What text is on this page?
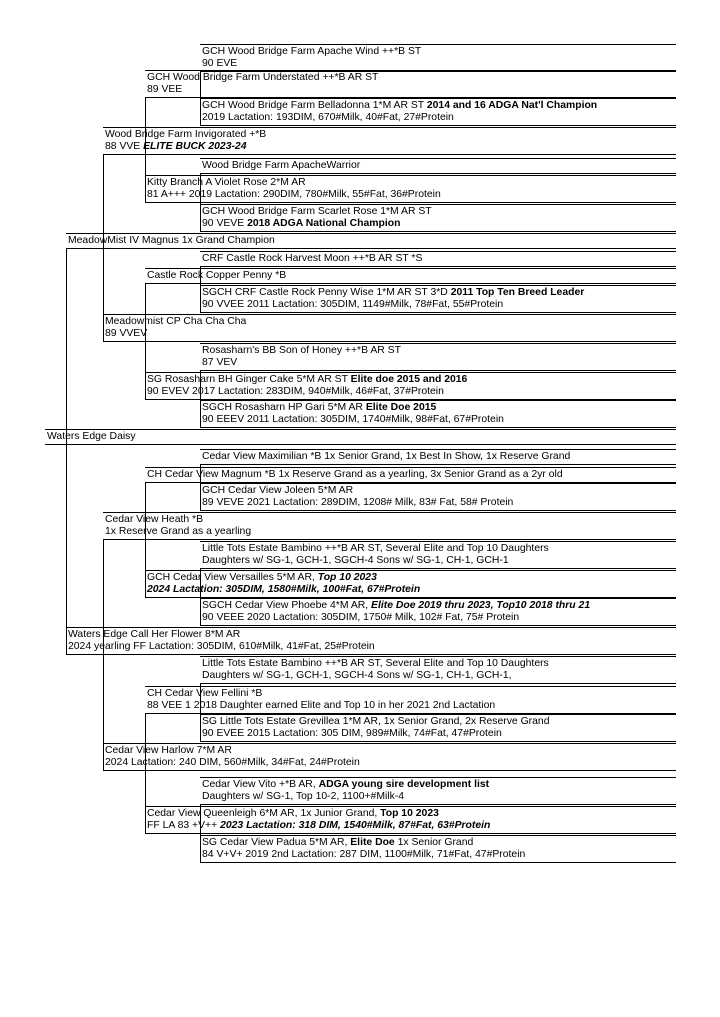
GCH Wood Bridge Farm Apache Wind ++*B ST
90 EVE
GCH Wood Bridge Farm Understated ++*B AR ST
89 VEE
GCH Wood Bridge Farm Belladonna 1*M AR ST 2014 and 16 ADGA Nat'l Champion
2019 Lactation: 193DIM, 670#Milk, 40#Fat, 27#Protein
Wood Bridge Farm Invigorated +*B
88 VVE ELITE BUCK 2023-24
Wood Bridge Farm ApacheWarrior
Kitty Branch A Violet Rose 2*M AR
81 A+++ 2019 Lactation: 290DIM, 780#Milk, 55#Fat, 36#Protein
GCH Wood Bridge Farm Scarlet Rose 1*M AR ST
90 VEVE 2018 ADGA National Champion
MeadowMist IV Magnus 1x Grand Champion
CRF Castle Rock Harvest Moon ++*B AR ST *S
Castle Rock Copper Penny *B
SGCH CRF Castle Rock Penny Wise 1*M AR ST 3*D 2011 Top Ten Breed Leader
90 VVEE 2011 Lactation: 305DIM, 1149#Milk, 78#Fat, 55#Protein
Meadowmist CP Cha Cha Cha
89 VVEV
Rosasharn's BB Son of Honey ++*B AR ST
87 VEV
SG Rosasharn BH Ginger Cake 5*M AR ST Elite doe 2015 and 2016
90 EVEV 2017 Lactation: 283DIM, 940#Milk, 46#Fat, 37#Protein
SGCH Rosasharn HP Gari 5*M AR Elite Doe 2015
90 EEEV 2011 Lactation: 305DIM, 1740#Milk, 98#Fat, 67#Protein
Waters Edge Daisy
Cedar View Maximilian *B 1x Senior Grand, 1x Best In Show, 1x Reserve Grand
CH Cedar View Magnum *B 1x Reserve Grand as a yearling, 3x Senior Grand as a 2yr old
GCH Cedar View Joleen 5*M AR
89 VEVE 2021 Lactation: 289DIM, 1208# Milk, 83# Fat, 58# Protein
Cedar View Heath *B
1x Reserve Grand as a yearling
Little Tots Estate Bambino ++*B AR ST, Several Elite and Top 10 Daughters
Daughters w/ SG-1, GCH-1, SGCH-4 Sons w/ SG-1, CH-1, GCH-1
GCH Cedar View Versailles 5*M AR, Top 10 2023
2024 Lactation: 305DIM, 1580#Milk, 100#Fat, 67#Protein
SGCH Cedar View Phoebe 4*M AR, Elite Doe 2019 thru 2023, Top10 2018 thru 21
90 VEEE 2020 Lactation: 305DIM, 1750# Milk, 102# Fat, 75# Protein
Waters Edge Call Her Flower 8*M AR
2024 yearling FF Lactation: 305DIM, 610#Milk, 41#Fat, 25#Protein
Little Tots Estate Bambino ++*B AR ST, Several Elite and Top 10 Daughters
Daughters w/ SG-1, GCH-1, SGCH-4 Sons w/ SG-1, CH-1, GCH-1,
CH Cedar View Fellini *B
88 VEE 1 2018 Daughter earned Elite and Top 10 in her 2021 2nd Lactation
SG Little Tots Estate Grevillea 1*M AR, 1x Senior Grand, 2x Reserve Grand
90 EVEE 2015 Lactation: 305 DIM, 989#Milk, 74#Fat, 47#Protein
Cedar View Harlow 7*M AR
2024 Lactation: 240 DIM, 560#Milk, 34#Fat, 24#Protein
Cedar View Vito +*B AR, ADGA young sire development list
Daughters w/ SG-1, Top 10-2, 1100+#Milk-4
Cedar View Queenleigh 6*M AR, 1x Junior Grand, Top 10 2023
FF LA 83 +V++ 2023 Lactation: 318 DIM, 1540#Milk, 87#Fat, 63#Protein
SG Cedar View Padua 5*M AR, Elite Doe 1x Senior Grand
84 V+V+ 2019 2nd Lactation: 287 DIM, 1100#Milk, 71#Fat, 47#Protein
